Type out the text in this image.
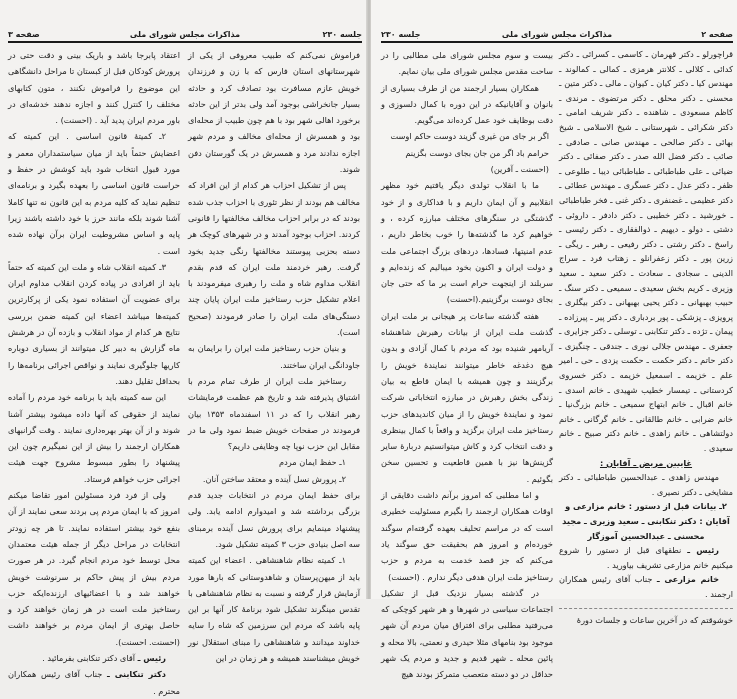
صفحه ۳	مذاکرات مجلس شورای ملی	جلسه ۲۳۰

فراموش نمی‌کنم که طبیب معروفی از یکی از شهرستانهای استان فارس که با زن و فرزندان خویش عازم مسافرت بود تصادف کرد و حادثه بسیار جانخراشی بوجود آمد ولی بدتر از این حادثه برخورد اهالی شهر بود با هم چون طبیب از محله‌ای بود و همسرش از محله‌ای مخالف و مردم شهر اجازه ندادند مرد و همسرش در یک گورستان دفن شوند.

پس از تشکیل احزاب هر کدام از این افراد که مخالف هم بودند از نظر تئوری با احزاب جذب شده بودند که در برابر احزاب مخالف مخالفتها را قانونی کردند. احزاب بوجود آمدند و در شهرهای کوچک هر دسته بحزبی پیوستند مخالفتها رنگی جدید بخود گرفت. رهبر خردمند ملت ایران که قدم بقدم انقلاب مداوم شاه و ملت را رهبری میفرمودند با اعلام تشکیل حزب رستاخیز ملت ایران پایان چند دستگی‌های ملت ایران را صادر فرمودند (صحیح است).

و بنیان حزب رستاخیز ملت ایران را برایمان به جاودانگی ایران ساختند.

رستاخیز ملت ایران از طرف تمام مردم با اشتیاق پذیرفته شد و تاریخ هم عظمت فرمایشات رهبر انقلاب را که در ۱۱ اسفندماه ۱۳۵۳ بیان فرمودند در صفحات خویش ضبط نمود ولی ما در مقابل این حزب نوپا چه وظایفی داریم؟

۱ـ حفظ ایمان مردم

۲ـ پرورش نسل آینده و معتقد ساختن آنان.

برای حفظ ایمان مردم در انتخابات جدید قدم بزرگی برداشته شد و امیدوارم ادامه یابد. ولی پیشنهاد مینمایم برای پرورش نسل آینده برمبنای سه اصل بنیادی حزب ۳ کمیته تشکیل شود.

۱ـ کمیته نظام شاهنشاهی . اعضاء این کمیته باید از میهن‌پرستان و شاهدوستانی که بارها مورد آزمایش قرار گرفته و نسبت به نظام شاهنشاهی با تقدس مینگرند تشکیل شود برنامهٔ کار آنها بر این پایه باشد که مردم این سرزمین که شاه را سایه خداوند میدانند و شاهنشاهی را مبنای استقلال نور خویش میشناسند همیشه و هر زمان در این

اعتقاد پابرجا باشد و باریک بینی و دقت حتی در پرورش کودکان قبل از کبستان تا مراحل دانشگاهی این موضوع را فراموش نکنند ، متون کتابهای مختلف را کنترل کنند و اجازه ندهند خدشه‌ای در باور مردم ایران پدید آید . (احسنت) .

۲ـ کمیتهٔ قانون اساسی . این کمیته که اعضایش حتماً باید از میان سیاستمداران معمر و مورد قبول انتخاب شود باید کوشش در حفظ و حراست قانون اساسی را بعهده بگیرد و برنامه‌ای تنظیم نماید که کلیه مردم به این قانون نه تنها کاملا آشنا شوند بلکه مانند حرز با خود داشته باشند زیرا پایه و اساس مشروطیت ایران برآن نهاده شده است .

۳ـ کمیته انقلاب شاه و ملت این کمیته که حتماً باید از افرادی در پیاده کردن انقلاب مداوم ایران برای عضویت آن استفاده نمود یکی از پرکارترین کمیته‌ها میباشد اعضاء این کمیته ضمن بررسی نتایج هر کدام از مواد انقلاب و بازده آن در هرشش ماه گزارش به دبیر کل میتوانند از بسیاری دوباره کاریها جلوگیری نمایند و نواقص اجرائی برنامه‌ها را بحداقل تقلیل دهند.

این سه کمیته باید با برنامه خود مردم را آماده نمایند از حقوقی که آنها داده میشود بیشتر آشنا شوند و از آن بهتر بهره‌داری نمایند . وقت گرانبهای همکاران ارجمند را بیش از این نمیگیرم چون این پیشنهاد را بطور مبسوط مشروح جهت هیئت اجرائی حزب خواهم فرستاد.

ولی از فرد فرد مسئولین امور تقاضا میکنم امروز که با ایمان مردم پی بردند سعی نمایند از آن بنفع خود بیشتر استفاده نمایند. تا هر چه زودتر انتخابات در مراحل دیگر از جمله هیئت معتمدان محل توسط خود مردم انجام گیرد. در هر صورت مردم بیش از پیش حاکم بر سرنوشت خویش خواهند شد و با اعضائیهای ارزنده‌ایکه حزب رستاخیز ملت است در هر زمان خواهند کرد و حاصل بهتری از ایمان مردم بر خواهند داشت (احسنت. احسنت).

رئیس ـ آقای دکتر تنکابنی بفرمائید .

دکتر تنکابنی ـ جناب آقای رئیس همکاران محترم .

جلسه ۲۳۰	مذاکرات مجلس شورای ملی	صفحه ۲

قراچورلو ـ دکتر قهرمان ـ کاسمی ـ کسرائی ـ دکتر کدائی ـ کلالی ـ کلانتر هرمزی ـ کمالی ـ کمالوند ـ مهندس کیا ـ دکتر کیان ـ کیوان ـ مالی ـ دکتر متین ـ محسنی ـ دکتر محلق ـ دکتر مرتضوی ـ مرندی ـ کاظم مسعودی ـ شاهنده ـ دکتر شریف امامی ـ دکتر شکرائی ـ شهرستانی ـ شیخ الاسلامی ـ شیخ بهائی ـ دکتر صالحی ـ مهندس صانی ـ صادقی ـ صائب ـ دکتر فضل الله صدر ـ دکتر صفائی ـ دکتر ضیائی ـ علی طباطبائی ـ طباطبائی دیبا ـ طلوعی ـ ظفر ـ دکتر عدل ـ دکتر عسگری ـ مهندس عطائی ـ دکتر عظیمی ـ غضنفری ـ دکتر غنی ـ فخر طباطبائی ـ خورشید ـ دکتر خطیبی ـ دکتر دادفر ـ داروئی ـ دشتی ـ دولو ـ دیهیم ـ ذوالفقاری ـ دکتر رئیسی ـ راسخ ـ دکتر رشتی ـ دکتر رفیعی ـ رهبر ـ ریگی ـ زرین پور ـ دکتر زعفرانلو ـ زهتاب فرد ـ سراج الدینی ـ سجادی ـ سعادت ـ دکتر سعید ـ سعید وزیری ـ کریم بخش سعیدی ـ سمیعی ـ دکتر سنگ ـ حبیب بهبهانی ـ دکتر یحیی بهبهانی ـ دکتر بیگلری ـ پرویزی ـ پزشکی ـ پور بردباری ـ دکتر پیر ـ پیرزاده ـ پیمان ـ تژده ـ دکتر تنکابنی ـ توسلی ـ دکتر جزایری ـ جعفری ـ مهندس جلالی نوری ـ جندقی ـ چنگیزی ـ دکتر حاتم ـ دکتر حکمت ـ حکمت یزدی ـ حی ـ امیر علم ـ خزیمه ـ اسمعیل خزیمه ـ دکتر خسروی کردستانی ـ تیمسار خطیب شهیدی ـ خانم اسدی ـ خانم اقبال ـ خانم ابتهاج سمیعی ـ خانم بزرگ‌نیا ـ خانم ضرابی ـ خانم طالقانی ـ خانم گرگانی ـ خانم دولتشاهی ـ خانم زاهدی ـ خانم دکتر صبیح ـ خانم سعیدی .

غایبین مریض ـ آقایان :

مهندس زاهدی ـ عبدالحسین طباطبائی ـ دکتر مشایخی ـ دکتر نصیری .

۲ـ بیانات قبل از دستور : خانم مزارعی و آقایان : دکتر تنکابنی ـ سعید وزیری ـ مجید محسنی ـ عبدالحسین آموزگار

رئیس ـ نطقهای قبل از دستور را شروع میکنیم خانم مزارعی تشریف بیاورید .

خانم مزارعی ـ جناب آقای رئیس همکاران ارجمند .

خوشوقتم که در آخرین ساعات و جلسات دورهٔ

بیست و سوم مجلس شورای ملی مطالبی را در ساحت مقدس مجلس شورای ملی بیان نمایم.

همکاران بسیار ارجمند من از طرف بسیاری از بانوان و آقایانیکه در این دوره با کمال دلسوزی و دقت بوظایف خود عمل کرده‌اند می‌گویم.

اگر بر جای من غیری گزیند دوست حاکم اوست

حرامم باد اگر من جان بجای دوست بگزینم

(احسنت ـ آفرین)

ما با انقلاب تولدی دیگر یافتیم خود مظهر انقلابیم و آن ایمان داریم و با فداکاری و از خود گذشتگی در سنگرهای مختلف مبارزه کرده ، و خواهیم کرد ما گذشته‌ها را خوب بخاطر داریم ، عدم امنیتها، فسادها، دردهای بزرگ اجتماعی ملت و دولت ایران و اکنون بخود میبالیم که زنده‌ایم و سربلند از اینجهت حرام است بر ما که حتی جان بجای دوست برگزینیم.(احسنت)

هفته گذشته ساعات پر هیجانی بر ملت ایران گذشت ملت ایران از بیانات رهبرش شاهنشاه آریامهر شنیده بود که مردم با کمال آزادی و بدون هیچ دغدغه خاطر میتوانند نمایندهٔ خویش را برگزینند و چون همیشه با ایمان قاطع به بیان زندگی بخش رهبرش در مبارزه انتخاباتی شرکت نمود و نمایندهٔ خویش را از میان کاندیدهای حزب رستاخیز ملت ایران برگزید و واقعاً با کمال بینظری و دقت انتخاب کرد و کاش میتوانستیم دربارهٔ سایر گزینش‌ها نیز با همین قاطعیت و تحسین سخن بگوئیم .

و اما مطلبی که امروز برآنم داشت دقایقی از اوقات همکاران ارجمند را بگیرم مسئولیت خطیری است که در مراسم تحلیف بعهده گرفته‌ام سوگند خورده‌ام و امروز هم بحقیقت حق سوگند یاد می‌کنم که جز قصد خدمت به مردم و حزب رستاخیز ملت ایران هدفی دیگر ندارم . (احسنت)

در گذشته بسیار نزدیک قبل از تشکیل اجتماعات سیاسی در شهرها و هر شهر کوچکی که می‌رفتید مطلبی برای افتراق میان مردم آن شهر موجود بود بنامهای مثلا حیدری و نعمتی، بالا محله و پائین محله ـ شهر قدیم و جدید و مردم یک شهر حداقل در دو دسته متعصب متمرکز بودند هیچ
